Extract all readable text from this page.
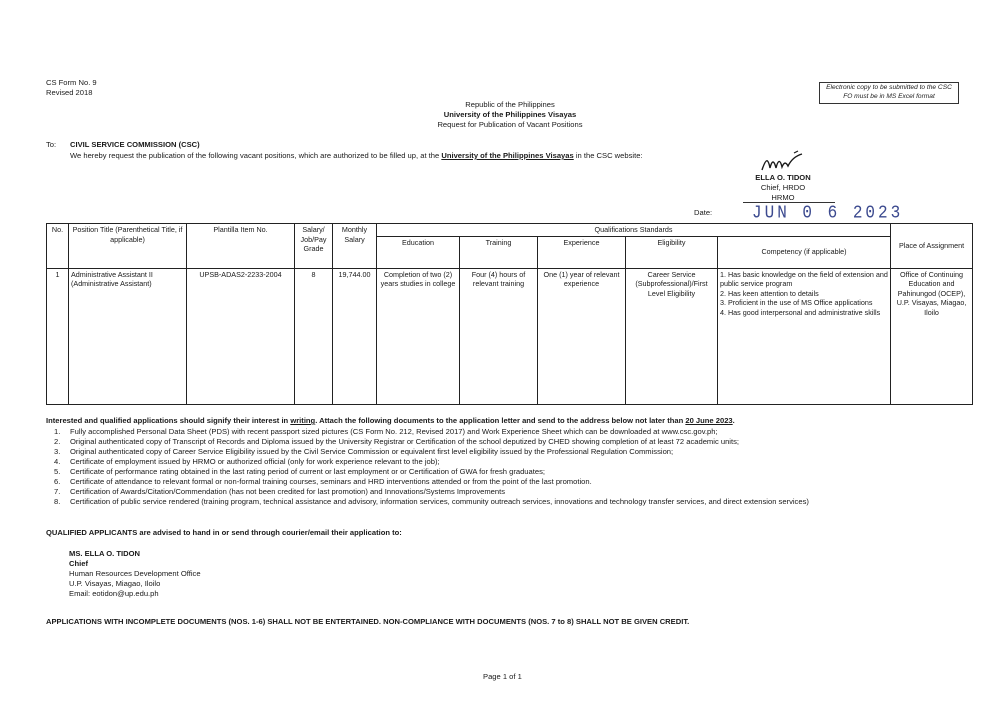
CS Form No. 9
Revised 2018
Electronic copy to be submitted to the CSC
FO must be in MS Excel format
Republic of the Philippines
University of the Philippines Visayas
Request for Publication of Vacant Positions
To: CIVIL SERVICE COMMISSION (CSC)
We hereby request the publication of the following vacant positions, which are authorized to be filled up, at the University of the Philippines Visayas in the CSC website:
ELLA O. TIDON
Chief, HRDO
HRMO
Date: JUN 0 6 2023
No.	Position Title (Parenthetical Title, if applicable)	Plantilla Item No.	Salary/ Job/Pay Grade	Monthly Salary	Qualifications Standards					Place of Assignment
					Education	Training	Experience	Eligibility	Competency (if applicable)	
1	Administrative Assistant II (Administrative Assistant)	UPSB-ADAS2-2233-2004	8	19,744.00	Completion of two (2) years studies in college	Four (4) hours of relevant training	One (1) year of relevant experience	Career Service (Subprofessional)/First Level Eligibility	1. Has basic knowledge on the field of extension and public service program
2. Has keen attention to details
3. Proficient in the use of MS Office applications
4. Has good interpersonal and administrative skills	Office of Continuing Education and Pahinungod (OCEP), U.P. Visayas, Miagao, Iloilo
Interested and qualified applications should signify their interest in writing. Attach the following documents to the application letter and send to the address below not later than 20 June 2023.
1. Fully accomplished Personal Data Sheet (PDS) with recent passport sized pictures (CS Form No. 212, Revised 2017) and Work Experience Sheet which can be downloaded at www.csc.gov.ph;
2. Original authenticated copy of Transcript of Records and Diploma issued by the University Registrar or Certification of the school deputized by CHED showing completion of at least 72 academic units;
3. Original authenticated copy of Career Service Eligibility issued by the Civil Service Commission or equivalent first level eligibility issued by the Professional Regulation Commission;
4. Certificate of employment issued by HRMO or authorized official (only for work experience relevant to the job);
5. Certificate of performance rating obtained in the last rating period of current or last employment or or Certification of GWA for fresh graduates;
6. Certificate of attendance to relevant formal or non-formal training courses, seminars and HRD interventions attended or from the point of the last promotion.
7. Certification of Awards/Citation/Commendation (has not been credited for last promotion) and Innovations/Systems Improvements
8. Certification of public service rendered (training program, technical assistance and advisory, information services, community outreach services, innovations and technology transfer services, and direct extension services)
QUALIFIED APPLICANTS are advised to hand in or send through courier/email their application to:
MS. ELLA O. TIDON
Chief
Human Resources Development Office
U.P. Visayas, Miagao, Iloilo
Email: eotidon@up.edu.ph
APPLICATIONS WITH INCOMPLETE DOCUMENTS (NOS. 1-6) SHALL NOT BE ENTERTAINED. NON-COMPLIANCE WITH DOCUMENTS (NOS. 7 to 8) SHALL NOT BE GIVEN CREDIT.
Page 1 of 1
